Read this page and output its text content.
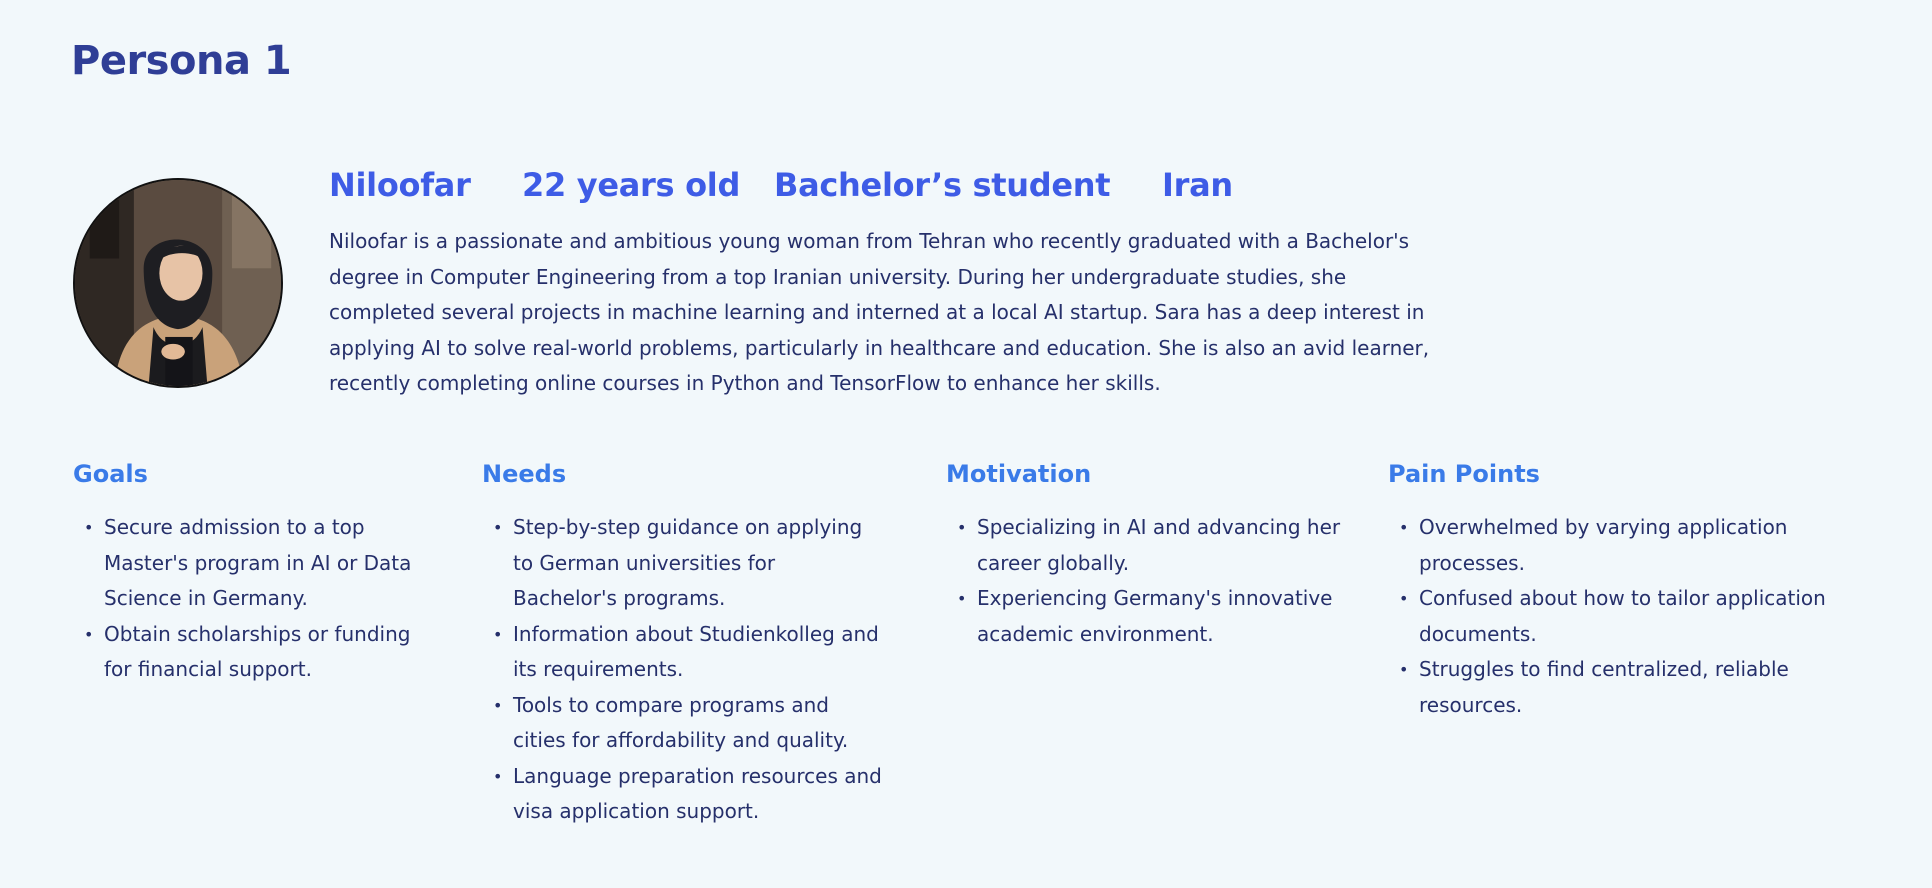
Persona 1
Niloofar 22 years old Bachelor’s student Iran

Niloofar is a passionate and ambitious young woman from Tehran who recently graduated with a Bachelor's degree in Computer Engineering from a top Iranian university. During her undergraduate studies, she completed several projects in machine learning and interned at a local AI startup. Sara has a deep interest in applying AI to solve real-world problems, particularly in healthcare and education. She is also an avid learner, recently completing online courses in Python and TensorFlow to enhance her skills.

Goals
• Secure admission to a top Master's program in AI or Data Science in Germany.
• Obtain scholarships or funding for financial support.
Needs
• Step-by-step guidance on applying to German universities for Bachelor's programs.
• Information about Studienkolleg and its requirements.
• Tools to compare programs and cities for affordability and quality.
• Language preparation resources and visa application support.
Motivation
• Specializing in AI and advancing her career globally.
• Experiencing Germany's innovative academic environment.
Pain Points
• Overwhelmed by varying application processes.
• Confused about how to tailor application documents.
• Struggles to find centralized, reliable resources.
